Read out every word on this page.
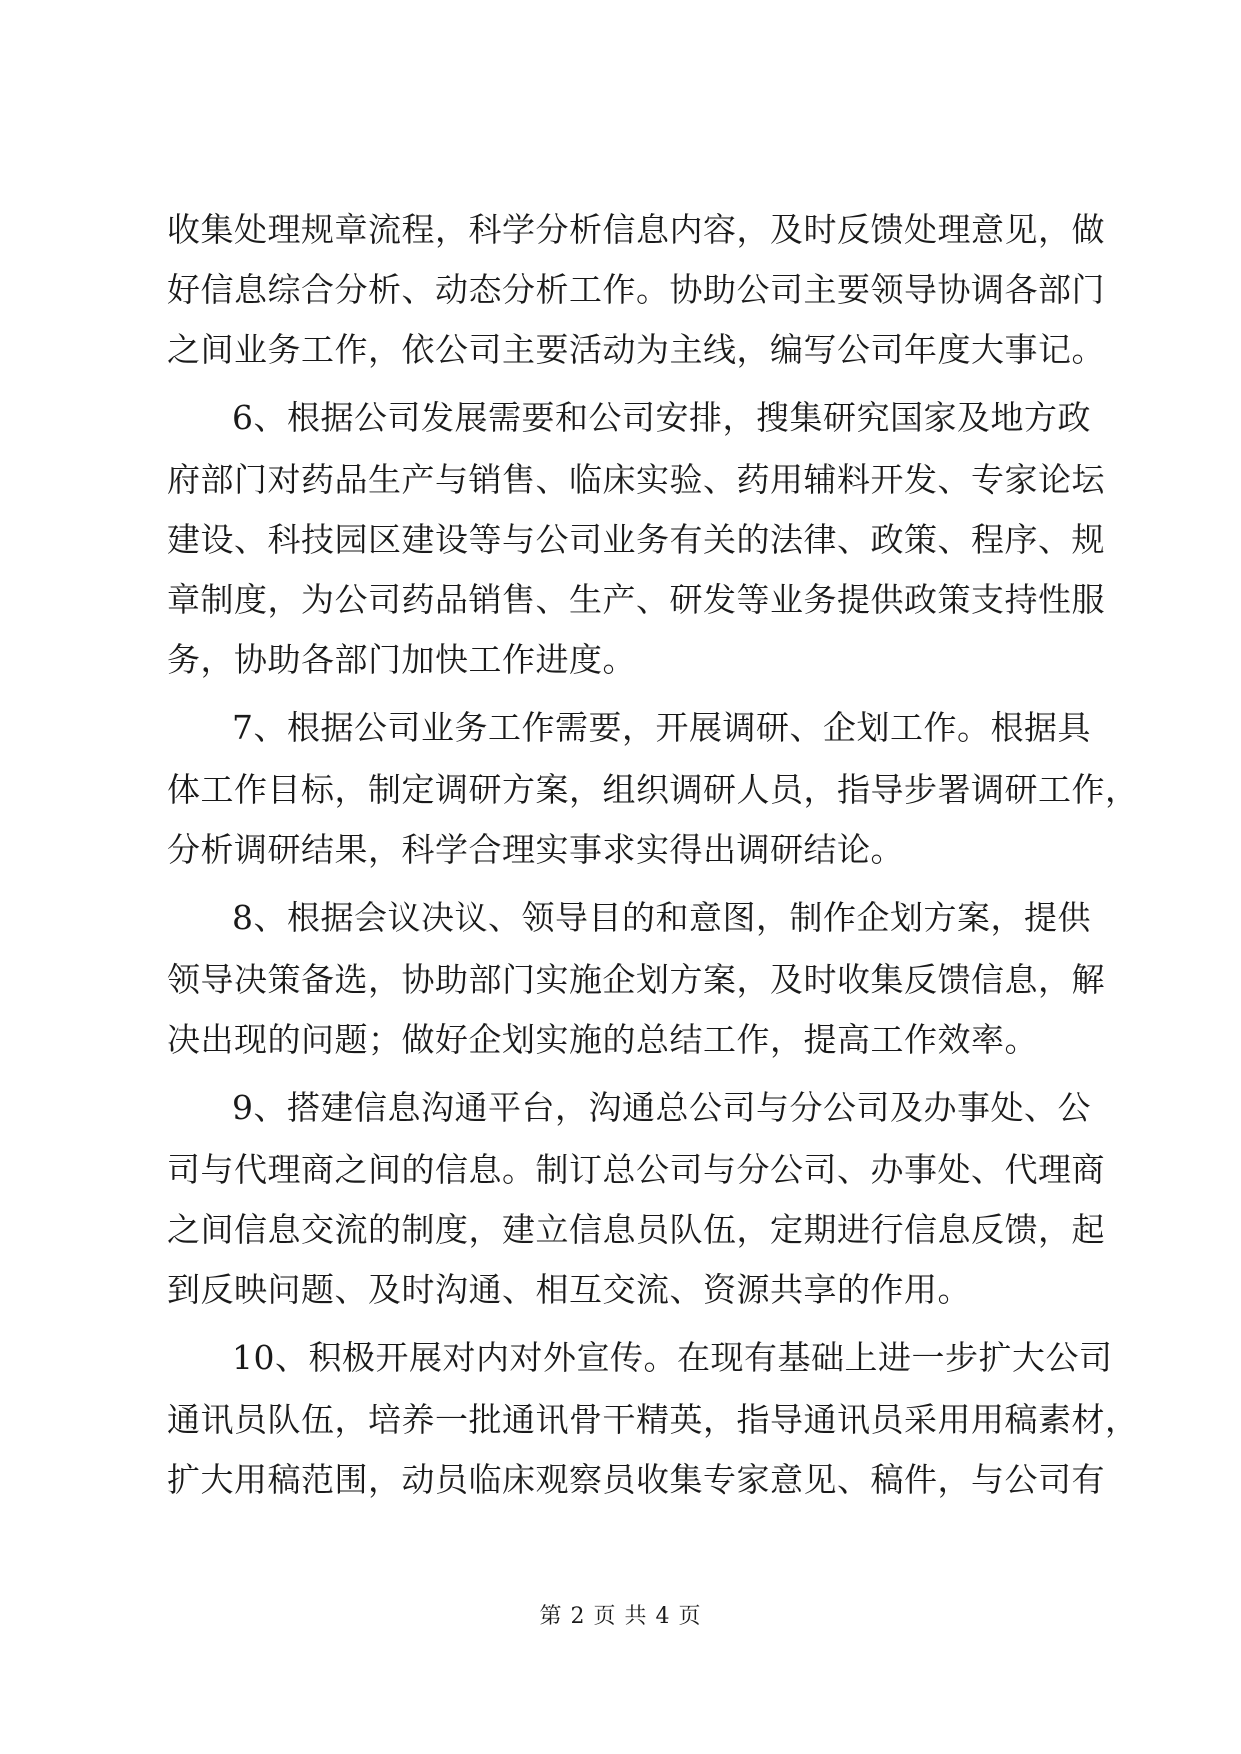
收集处理规章流程，科学分析信息内容，及时反馈处理意见，做
好信息综合分析、动态分析工作。协助公司主要领导协调各部门
之间业务工作，依公司主要活动为主线，编写公司年度大事记。
6、根据公司发展需要和公司安排，搜集研究国家及地方政
府部门对药品生产与销售、临床实验、药用辅料开发、专家论坛
建设、科技园区建设等与公司业务有关的法律、政策、程序、规
章制度，为公司药品销售、生产、研发等业务提供政策支持性服
务，协助各部门加快工作进度。
7、根据公司业务工作需要，开展调研、企划工作。根据具
体工作目标，制定调研方案，组织调研人员，指导步署调研工作，
分析调研结果，科学合理实事求实得出调研结论。
8、根据会议决议、领导目的和意图，制作企划方案，提供
领导决策备选，协助部门实施企划方案，及时收集反馈信息，解
决出现的问题；做好企划实施的总结工作，提高工作效率。
9、搭建信息沟通平台，沟通总公司与分公司及办事处、公
司与代理商之间的信息。制订总公司与分公司、办事处、代理商
之间信息交流的制度，建立信息员队伍，定期进行信息反馈，起
到反映问题、及时沟通、相互交流、资源共享的作用。
10、积极开展对内对外宣传。在现有基础上进一步扩大公司
通讯员队伍，培养一批通讯骨干精英，指导通讯员采用用稿素材，
扩大用稿范围，动员临床观察员收集专家意见、稿件，与公司有
第 2 页 共 4 页
